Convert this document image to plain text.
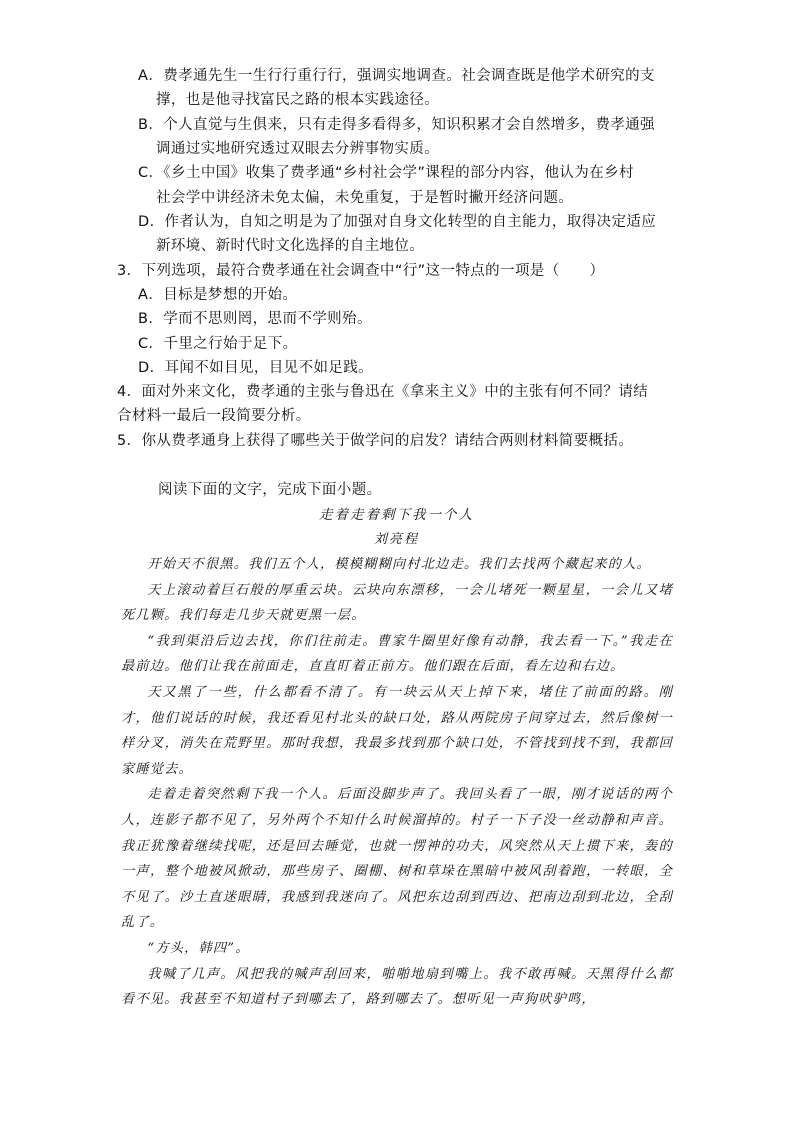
A．费孝通先生一生行行重行行，强调实地调查。社会调查既是他学术研究的支
撑，也是他寻找富民之路的根本实践途径。
B．个人直觉与生俱来，只有走得多看得多，知识积累才会自然增多，费孝通强
调通过实地研究透过双眼去分辨事物实质。
C．《乡土中国》收集了费孝通“乡村社会学”课程的部分内容，他认为在乡村
社会学中讲经济未免太偏，未免重复，于是暂时撇开经济问题。
D．作者认为，自知之明是为了加强对自身文化转型的自主能力，取得决定适应
新环境、新时代时文化选择的自主地位。
3．下列选项，最符合费孝通在社会调查中“行”这一特点的一项是（　　）
A．目标是梦想的开始。
B．学而不思则罔，思而不学则殆。
C．千里之行始于足下。
D．耳闻不如目见，目见不如足践。
4．面对外来文化，费孝通的主张与鲁迅在《拿来主义》中的主张有何不同？请结
合材料一最后一段简要分析。
5．你从费孝通身上获得了哪些关于做学问的启发？请结合两则材料简要概括。
阅读下面的文字，完成下面小题。
走着走着剩下我一个人
刘亮程

开始天不很黑。我们五个人，模模糊糊向村北边走。我们去找两个藏起来的人。

天上滚动着巨石般的厚重云块。云块向东漂移，一会儿堵死一颗星星，一会儿又堵死几颗。我们每走几步天就更黑一层。

“我到渠沿后边去找，你们往前走。曹家牛圈里好像有动静，我去看一下。”我走在最前边。他们让我在前面走，直直盯着正前方。他们跟在后面，看左边和右边。

天又黑了一些，什么都看不清了。有一块云从天上掉下来，堵住了前面的路。刚才，他们说话的时候，我还看见村北头的缺口处，路从两院房子间穿过去，然后像树一样分叉，消失在荒野里。那时我想，我最多找到那个缺口处，不管找到找不到，我都回家睡觉去。

走着走着突然剩下我一个人。后面没脚步声了。我回头看了一眼，刚才说话的两个人，连影子都不见了，另外两个不知什么时候溜掉的。村子一下子没一丝动静和声音。我正犹豫着继续找呢，还是回去睡觉，也就一愣神的功夫，风突然从天上掼下来，轰的一声，整个地被风掀动，那些房子、圈棚、树和草垛在黑暗中被风刮着跑，一转眼，全不见了。沙土直迷眼睛，我感到我迷向了。风把东边刮到西边、把南边刮到北边，全刮乱了。

“方头，韩四”。

我喊了几声。风把我的喊声刮回来，啪啪地扇到嘴上。我不敢再喊。天黑得什么都看不见。我甚至不知道村子到哪去了，路到哪去了。想听见一声狗吠驴鸣，
